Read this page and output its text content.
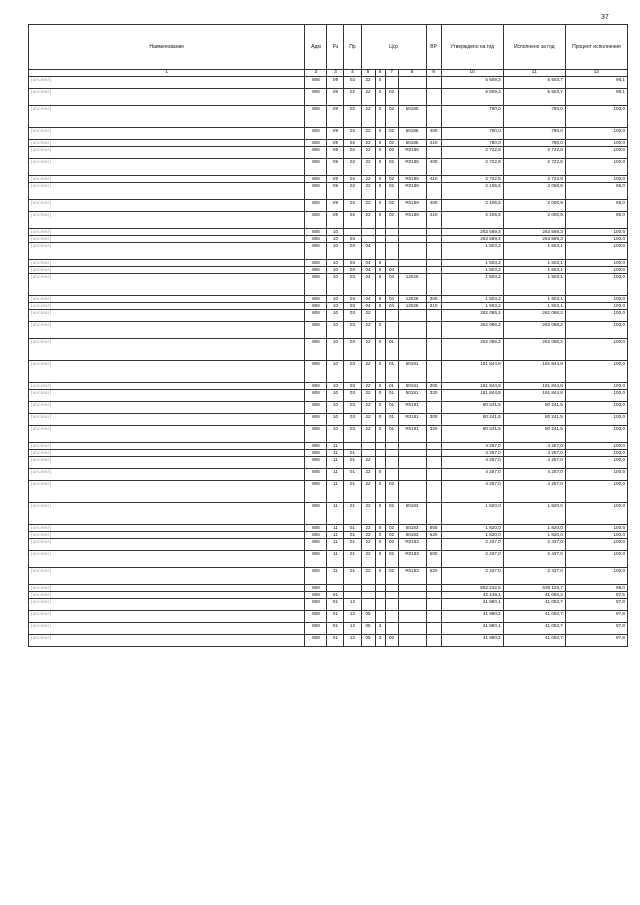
37
Наименование	Адм	Рз	Пр	Цср				ВР	Утверждено на год	Исполнено за год	Процент исполнения
1	2	3	4	5	6	7	8	9	10	11	12
[unclear]	806	09	02	22	0				5 609,3	5 503,7	98,1
[unclear]	806	09	02	22	0	02			5 609,3	5 503,7	98,1
[unclear]	806	09	02	22	0	02	50185		780,0	780,0	100,0
[unclear]	806	09	02	22	0	02	50185	400	780,0	780,0	100,0
[unclear]	806	09	02	22	0	02	50185	410	780,0	780,0	100,0
[unclear]	806	09	02	22	0	02	R0185		2 722,8	2 722,8	100,0
[unclear]	806	09	02	22	0	02	R0185	400	2 722,8	2 722,8	100,0
[unclear]	806	09	02	22	0	02	R0185	410	2 722,8	2 722,8	100,0
[unclear]	806	09	02	22	0	02	R0189		2 106,5	2 000,9	95,0
[unclear]	806	09	02	22	0	02	R0189	400	2 106,5	2 000,9	95,0
[unclear]	806	09	02	22	0	02	R0189	410	2 106,5	2 000,9	95,0
[unclear]	806	10							263 589,4	263 589,3	100,0
[unclear]	806	10	03						263 589,4	263 589,3	100,0
[unclear]	806	10	03	04					1 503,2	1 503,1	100,0
[unclear]	806	10	03	04	6				1 503,2	1 503,1	100,0
[unclear]	806	10	03	04	6	04			1 503,2	1 503,1	100,0
[unclear]	806	10	03	04	6	04	12026		1 503,2	1 503,1	100,0
[unclear]	806	10	03	04	6	04	12026	300	1 503,2	1 503,1	100,0
[unclear]	806	10	03	04	6	04	12026	310	1 503,2	1 503,1	100,0
[unclear]	806	10	03	22					262 086,2	262 086,2	100,0
[unclear]	806	10	03	22	0				262 086,2	262 086,2	100,0
[unclear]	806	10	03	22	0	01			262 086,2	262 086,2	100,0
[unclear]	806	10	03	22	0	01	50181		181 844,8	181 844,8	100,0
[unclear]	806	10	03	22	0	01	50181	300	181 844,8	181 844,8	100,0
[unclear]	806	10	03	22	0	01	50181	320	181 844,8	181 844,8	100,0
[unclear]	806	10	03	22	0	01	R0181		80 241,5	80 241,5	100,0
[unclear]	806	10	03	22	0	01	R0181	300	80 241,5	80 241,5	100,0
[unclear]	806	10	03	22	0	01	R0181	320	80 241,5	80 241,5	100,0
[unclear]	806	11							4 257,0	4 257,0	100,0
[unclear]	806	11	01						4 257,0	4 257,0	100,0
[unclear]	806	11	01	22					4 257,0	4 257,0	100,0
[unclear]	806	11	01	22	0				4 257,0	4 257,0	100,0
[unclear]	806	11	01	22	0	02			4 257,0	4 257,0	100,0
[unclear]	806	11	01	22	0	02	50183		1 820,0	1 820,0	100,0
[unclear]	806	11	01	22	0	02	50183	500	1 820,0	1 820,0	100,0
[unclear]	806	11	01	22	0	02	50183	520	1 820,0	1 820,0	100,0
[unclear]	806	11	01	22	0	02	R0183		2 437,0	2 437,0	100,0
[unclear]	806	11	01	22	0	02	R0183	500	2 437,0	2 437,0	100,0
[unclear]	806	11	01	22	0	02	R0183	520	2 437,0	2 437,0	100,0
[unclear]	808								652 242,5	639 126,7	98,0
[unclear]	808	01							42 149,1	41 094,2	97,5
[unclear]	808	01	12						41 980,1	41 053,7	97,8
[unclear]	808	01	12	05					41 980,1	41 053,7	97,8
[unclear]	808	01	12	05	3				41 980,1	41 053,7	97,8
[unclear]	808	01	12	05	3	02			41 680,1	41 053,7	97,8
